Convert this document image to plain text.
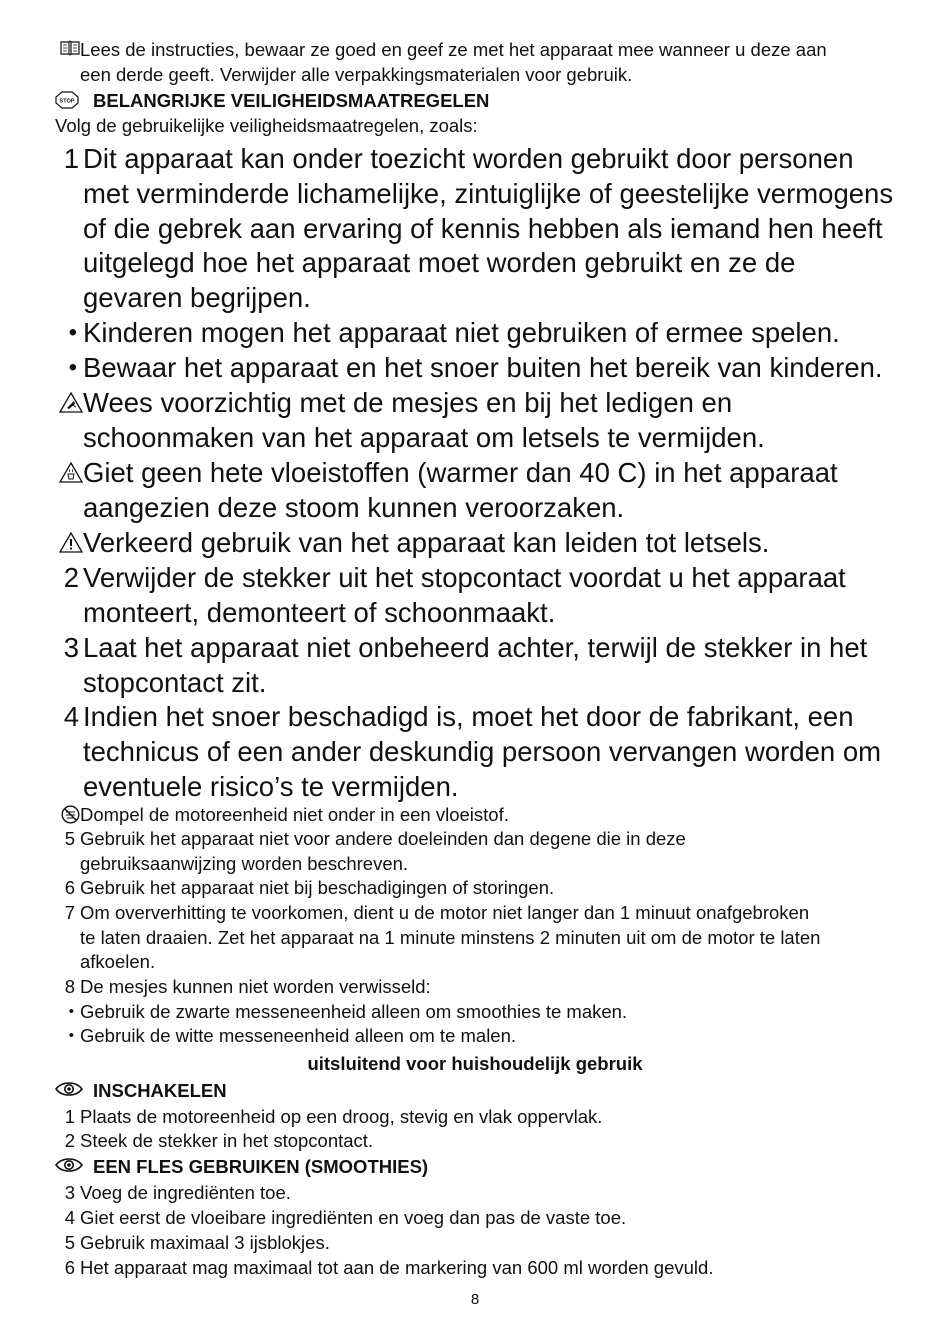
Lees de instructies, bewaar ze goed en geef ze met het apparaat mee wanneer u deze aan
een derde geeft. Verwijder alle verpakkingsmaterialen voor gebruik.
STOP BELANGRIJKE VEILIGHEIDSMAATREGELEN
Volg de gebruikelijke veiligheidsmaatregelen, zoals:
1 Dit apparaat kan onder toezicht worden gebruikt door personen
met verminderde lichamelijke, zintuiglijke of geestelijke vermogens
of die gebrek aan ervaring of kennis hebben als iemand hen heeft
uitgelegd hoe het apparaat moet worden gebruikt en ze de
gevaren begrijpen.
• Kinderen mogen het apparaat niet gebruiken of ermee spelen.
• Bewaar het apparaat en het snoer buiten het bereik van kinderen.
Wees voorzichtig met de mesjes en bij het ledigen en
schoonmaken van het apparaat om letsels te vermijden.
Giet geen hete vloeistoffen (warmer dan 40 C) in het apparaat
aangezien deze stoom kunnen veroorzaken.
Verkeerd gebruik van het apparaat kan leiden tot letsels.
2 Verwijder de stekker uit het stopcontact voordat u het apparaat
monteert, demonteert of schoonmaakt.
3 Laat het apparaat niet onbeheerd achter, terwijl de stekker in het
stopcontact zit.
4 Indien het snoer beschadigd is, moet het door de fabrikant, een
technicus of een ander deskundig persoon vervangen worden om
eventuele risico’s te vermijden.
Dompel de motoreenheid niet onder in een vloeistof.
5 Gebruik het apparaat niet voor andere doeleinden dan degene die in deze
gebruiksaanwijzing worden beschreven.
6 Gebruik het apparaat niet bij beschadigingen of storingen.
7 Om oververhitting te voorkomen, dient u de motor niet langer dan 1 minuut onafgebroken
te laten draaien. Zet het apparaat na 1 minute minstens 2 minuten uit om de motor te laten
afkoelen.
8 De mesjes kunnen niet worden verwisseld:
• Gebruik de zwarte messeneenheid alleen om smoothies te maken.
• Gebruik de witte messeneenheid alleen om te malen.
uitsluitend voor huishoudelijk gebruik
INSCHAKELEN
1 Plaats de motoreenheid op een droog, stevig en vlak oppervlak.
2 Steek de stekker in het stopcontact.
EEN FLES GEBRUIKEN (SMOOTHIES)
3 Voeg de ingrediënten toe.
4 Giet eerst de vloeibare ingrediënten en voeg dan pas de vaste toe.
5 Gebruik maximaal 3 ijsblokjes.
6 Het apparaat mag maximaal tot aan de markering van 600 ml worden gevuld.
8
